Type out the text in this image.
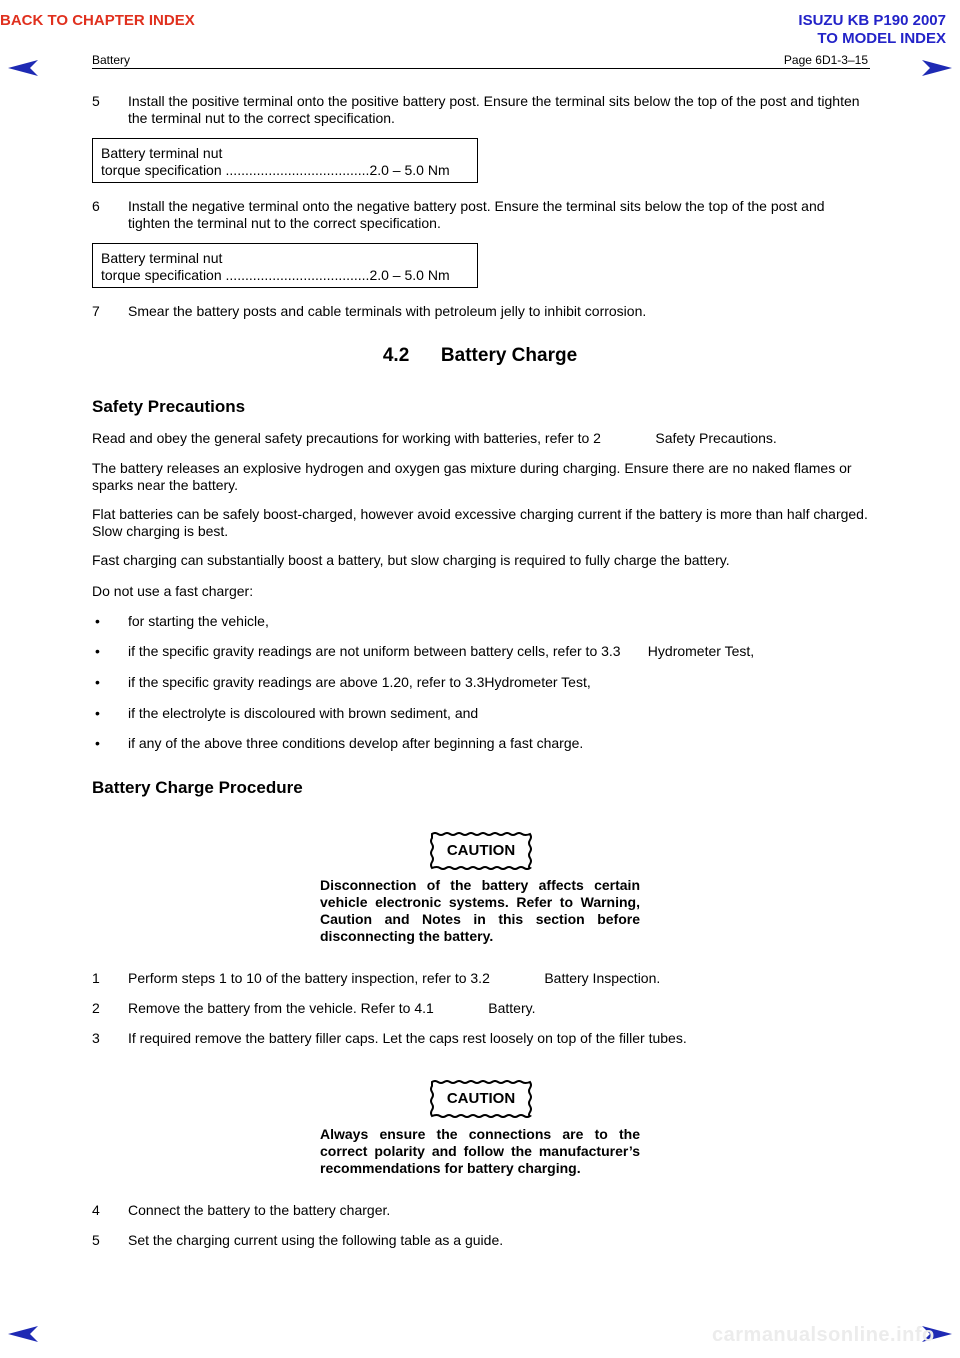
BACK TO CHAPTER INDEX	ISUZU KB P190 2007
TO MODEL INDEX
Battery	Page 6D1-3–15
5 Install the positive terminal onto the positive battery post. Ensure the terminal sits below the top of the post and tighten the terminal nut to the correct specification.
Battery terminal nut
torque specification .....................................2.0 – 5.0 Nm
6 Install the negative terminal onto the negative battery post. Ensure the terminal sits below the top of the post and tighten the terminal nut to the correct specification.
Battery terminal nut
torque specification .....................................2.0 – 5.0 Nm
7 Smear the battery posts and cable terminals with petroleum jelly to inhibit corrosion.
4.2      Battery Charge
Safety Precautions
Read and obey the general safety precautions for working with batteries, refer to 2              Safety Precautions.
The battery releases an explosive hydrogen and oxygen gas mixture during charging. Ensure there are no naked flames or sparks near the battery.
Flat batteries can be safely boost-charged, however avoid excessive charging current if the battery is more than half charged. Slow charging is best.
Fast charging can substantially boost a battery, but slow charging is required to fully charge the battery.
Do not use a fast charger:
• for starting the vehicle,
• if the specific gravity readings are not uniform between battery cells, refer to 3.3       Hydrometer Test,
• if the specific gravity readings are above 1.20, refer to 3.3Hydrometer Test,
• if the electrolyte is discoloured with brown sediment, and
• if any of the above three conditions develop after beginning a fast charge.
Battery Charge Procedure
CAUTION
Disconnection of the battery affects certain vehicle electronic systems. Refer to Warning, Caution and Notes in this section before disconnecting the battery.
1 Perform steps 1 to 10 of the battery inspection, refer to 3.2              Battery Inspection.
2 Remove the battery from the vehicle. Refer to 4.1              Battery.
3 If required remove the battery filler caps. Let the caps rest loosely on top of the filler tubes.
CAUTION
Always ensure the connections are to the correct polarity and follow the manufacturer’s recommendations for battery charging.
4 Connect the battery to the battery charger.
5 Set the charging current using the following table as a guide.
carmanualsonline.info
